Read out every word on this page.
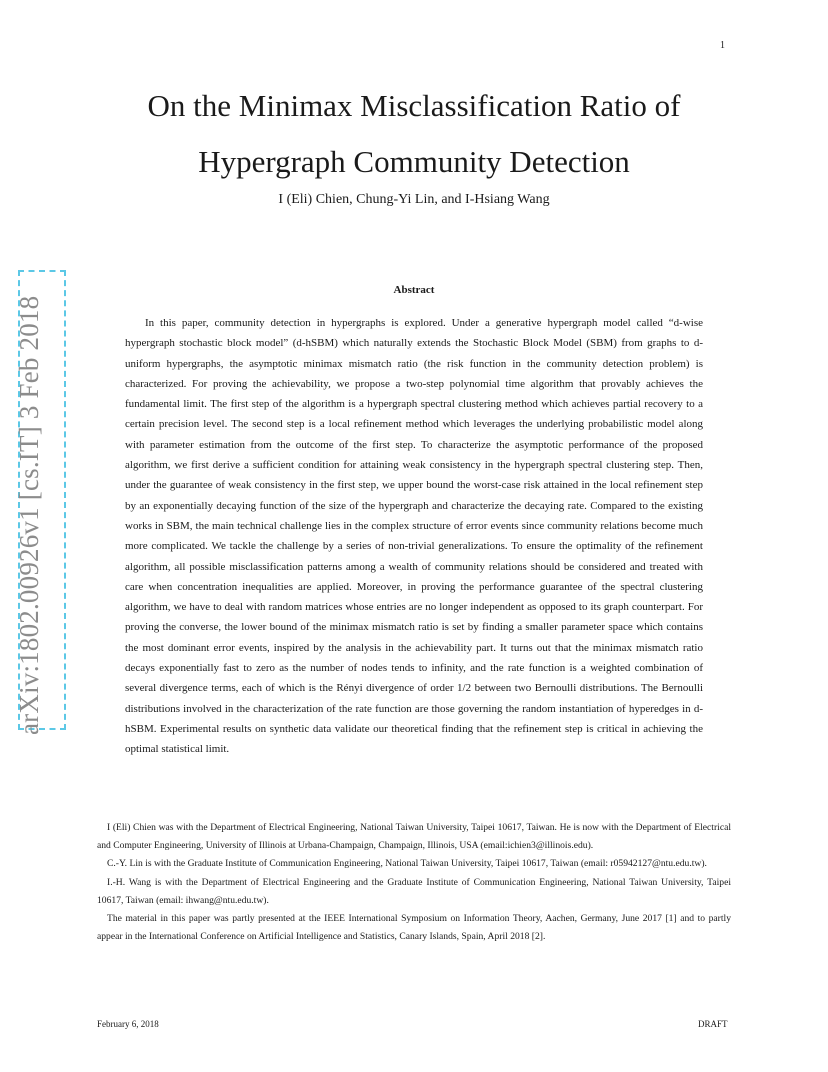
1
arXiv:1802.00926v1 [cs.IT] 3 Feb 2018
On the Minimax Misclassification Ratio of Hypergraph Community Detection

I (Eli) Chien, Chung-Yi Lin, and I-Hsiang Wang

Abstract

In this paper, community detection in hypergraphs is explored. Under a generative hypergraph model called “d-wise hypergraph stochastic block model” (d-hSBM) which naturally extends the Stochastic Block Model (SBM) from graphs to d-uniform hypergraphs, the asymptotic minimax mismatch ratio (the risk function in the community detection problem) is characterized. For proving the achievability, we propose a two-step polynomial time algorithm that provably achieves the fundamental limit. The first step of the algorithm is a hypergraph spectral clustering method which achieves partial recovery to a certain precision level. The second step is a local refinement method which leverages the underlying probabilistic model along with parameter estimation from the outcome of the first step. To characterize the asymptotic performance of the proposed algorithm, we first derive a sufficient condition for attaining weak consistency in the hypergraph spectral clustering step. Then, under the guarantee of weak consistency in the first step, we upper bound the worst-case risk attained in the local refinement step by an exponentially decaying function of the size of the hypergraph and characterize the decaying rate. Compared to the existing works in SBM, the main technical challenge lies in the complex structure of error events since community relations become much more complicated. We tackle the challenge by a series of non-trivial generalizations. To ensure the optimality of the refinement algorithm, all possible misclassification patterns among a wealth of community relations should be considered and treated with care when concentration inequalities are applied. Moreover, in proving the performance guarantee of the spectral clustering algorithm, we have to deal with random matrices whose entries are no longer independent as opposed to its graph counterpart. For proving the converse, the lower bound of the minimax mismatch ratio is set by finding a smaller parameter space which contains the most dominant error events, inspired by the analysis in the achievability part. It turns out that the minimax mismatch ratio decays exponentially fast to zero as the number of nodes tends to infinity, and the rate function is a weighted combination of several divergence terms, each of which is the Rényi divergence of order 1/2 between two Bernoulli distributions. The Bernoulli distributions involved in the characterization of the rate function are those governing the random instantiation of hyperedges in d-hSBM. Experimental results on synthetic data validate our theoretical finding that the refinement step is critical in achieving the optimal statistical limit.

I (Eli) Chien was with the Department of Electrical Engineering, National Taiwan University, Taipei 10617, Taiwan. He is now with the Department of Electrical and Computer Engineering, University of Illinois at Urbana-Champaign, Champaign, Illinois, USA (email:ichien3@illinois.edu).

C.-Y. Lin is with the Graduate Institute of Communication Engineering, National Taiwan University, Taipei 10617, Taiwan (email: r05942127@ntu.edu.tw).

I.-H. Wang is with the Department of Electrical Engineering and the Graduate Institute of Communication Engineering, National Taiwan University, Taipei 10617, Taiwan (email: ihwang@ntu.edu.tw).

The material in this paper was partly presented at the IEEE International Symposium on Information Theory, Aachen, Germany, June 2017 [1] and to partly appear in the International Conference on Artificial Intelligence and Statistics, Canary Islands, Spain, April 2018 [2].

February 6, 2018	DRAFT
